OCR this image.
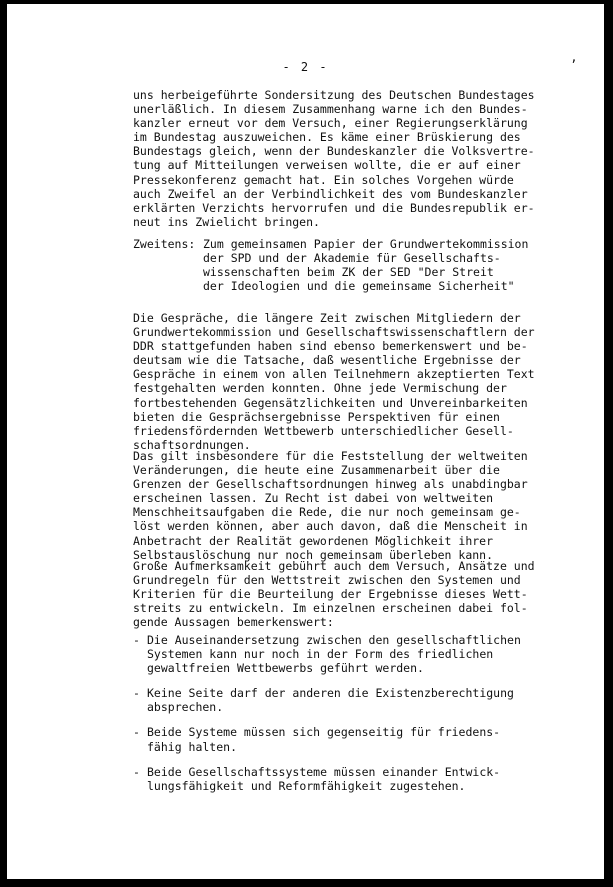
- 2 -	ʼ
uns herbeigeführte Sondersitzung des Deutschen Bundestages
unerläßlich. In diesem Zusammenhang warne ich den Bundes-
kanzler erneut vor dem Versuch, einer Regierungserklärung
im Bundestag auszuweichen. Es käme einer Brüskierung des
Bundestags gleich, wenn der Bundeskanzler die Volksvertre-
tung auf Mitteilungen verweisen wollte, die er auf einer
Pressekonferenz gemacht hat. Ein solches Vorgehen würde
auch Zweifel an der Verbindlichkeit des vom Bundeskanzler
erklärten Verzichts hervorrufen und die Bundesrepublik er-
neut ins Zwielicht bringen.
Zweitens: Zum gemeinsamen Papier der Grundwertekommission
der SPD und der Akademie für Gesellschafts-
wissenschaften beim ZK der SED "Der Streit
der Ideologien und die gemeinsame Sicherheit"
Die Gespräche, die längere Zeit zwischen Mitgliedern der
Grundwertekommission und Gesellschaftswissenschaftlern der
DDR stattgefunden haben sind ebenso bemerkenswert und be-
deutsam wie die Tatsache, daß wesentliche Ergebnisse der
Gespräche in einem von allen Teilnehmern akzeptierten Text
festgehalten werden konnten. Ohne jede Vermischung der
fortbestehenden Gegensätzlichkeiten und Unvereinbarkeiten
bieten die Gesprächsergebnisse Perspektiven für einen
friedensfördernden Wettbewerb unterschiedlicher Gesell-
schaftsordnungen.
Das gilt insbesondere für die Feststellung der weltweiten
Veränderungen, die heute eine Zusammenarbeit über die
Grenzen der Gesellschaftsordnungen hinweg als unabdingbar
erscheinen lassen. Zu Recht ist dabei von weltweiten
Menschheitsaufgaben die Rede, die nur noch gemeinsam ge-
löst werden können, aber auch davon, daß die Menscheit in
Anbetracht der Realität gewordenen Möglichkeit ihrer
Selbstauslöschung nur noch gemeinsam überleben kann.
Große Aufmerksamkeit gebührt auch dem Versuch, Ansätze und
Grundregeln für den Wettstreit zwischen den Systemen und
Kriterien für die Beurteilung der Ergebnisse dieses Wett-
streits zu entwickeln. Im einzelnen erscheinen dabei fol-
gende Aussagen bemerkenswert:
- Die Auseinandersetzung zwischen den gesellschaftlichen
Systemen kann nur noch in der Form des friedlichen
gewaltfreien Wettbewerbs geführt werden.
- Keine Seite darf der anderen die Existenzberechtigung
absprechen.
- Beide Systeme müssen sich gegenseitig für friedens-
fähig halten.
- Beide Gesellschaftssysteme müssen einander Entwick-
lungsfähigkeit und Reformfähigkeit zugestehen.
